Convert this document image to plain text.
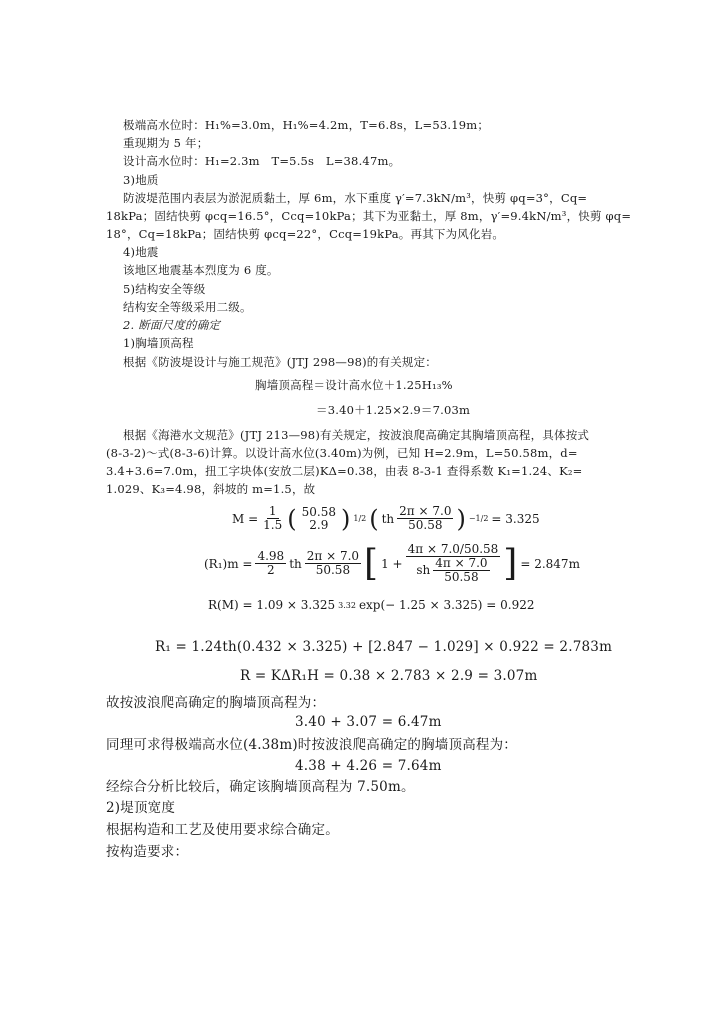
极端高水位时：H₁%=3.0m，H₁%=4.2m，T=6.8s，L=53.19m；
重现期为 5 年；
设计高水位时：H₁=2.3m　T=5.5s　L=38.47m。
3)地质
防波堤范围内表层为淤泥质黏土，厚 6m，水下重度 γ′=7.3kN/m³，快剪 φq=3°，Cq=
18kPa；固结快剪 φcq=16.5°，Ccq=10kPa；其下为亚黏土，厚 8m，γ′=9.4kN/m³，快剪 φq=
18°，Cq=18kPa；固结快剪 φcq=22°，Ccq=19kPa。再其下为风化岩。
4)地震
该地区地震基本烈度为 6 度。
5)结构安全等级
结构安全等级采用二级。
2. 断面尺度的确定
1)胸墙顶高程
根据《防波堤设计与施工规范》(JTJ 298—98)的有关规定：
胸墙顶高程＝设计高水位＋1.25H₁₃%
＝3.40＋1.25×2.9＝7.03m
根据《海港水文规范》(JTJ 213—98)有关规定，按波浪爬高确定其胸墙顶高程，具体按式
(8-3-2)～式(8-3-6)计算。以设计高水位(3.40m)为例，已知 H=2.9m，L=50.58m，d=
3.4+3.6=7.0m，扭工字块体(安放二层)KΔ=0.38，由表 8-3-1 查得系数 K₁=1.24、K₂=
1.029、K₃=4.98，斜坡的 m=1.5，故
$M = \frac{1}{1.5}$ ( 50.58
2.9 ) 1/2 ( th $\frac{2\pi \times 7.0}{50.58}$ ) −1/2 = 3.325
$(R_1)m = \frac{4.98}{2}$ th $\frac{2\pi \times 7.0}{50.58}$ [ $1 + \frac{4\pi \times 7.0/50.58}{sh \frac{4\pi \times 7.0}{50.58}}$ ] = 2.847m
R(M) = 1.09 × 3.325 3.32 exp(− 1.25 × 3.325) = 0.922
R₁ = 1.24th(0.432 × 3.325) + [2.847 − 1.029] × 0.922 = 2.783m
R = KΔR₁H = 0.38 × 2.783 × 2.9 = 3.07m
故按波浪爬高确定的胸墙顶高程为：
3.40 + 3.07 = 6.47m
同理可求得极端高水位(4.38m)时按波浪爬高确定的胸墙顶高程为：
4.38 + 4.26 = 7.64m
经综合分析比较后，确定该胸墙顶高程为 7.50m。
2)堤顶宽度
根据构造和工艺及使用要求综合确定。
按构造要求：
